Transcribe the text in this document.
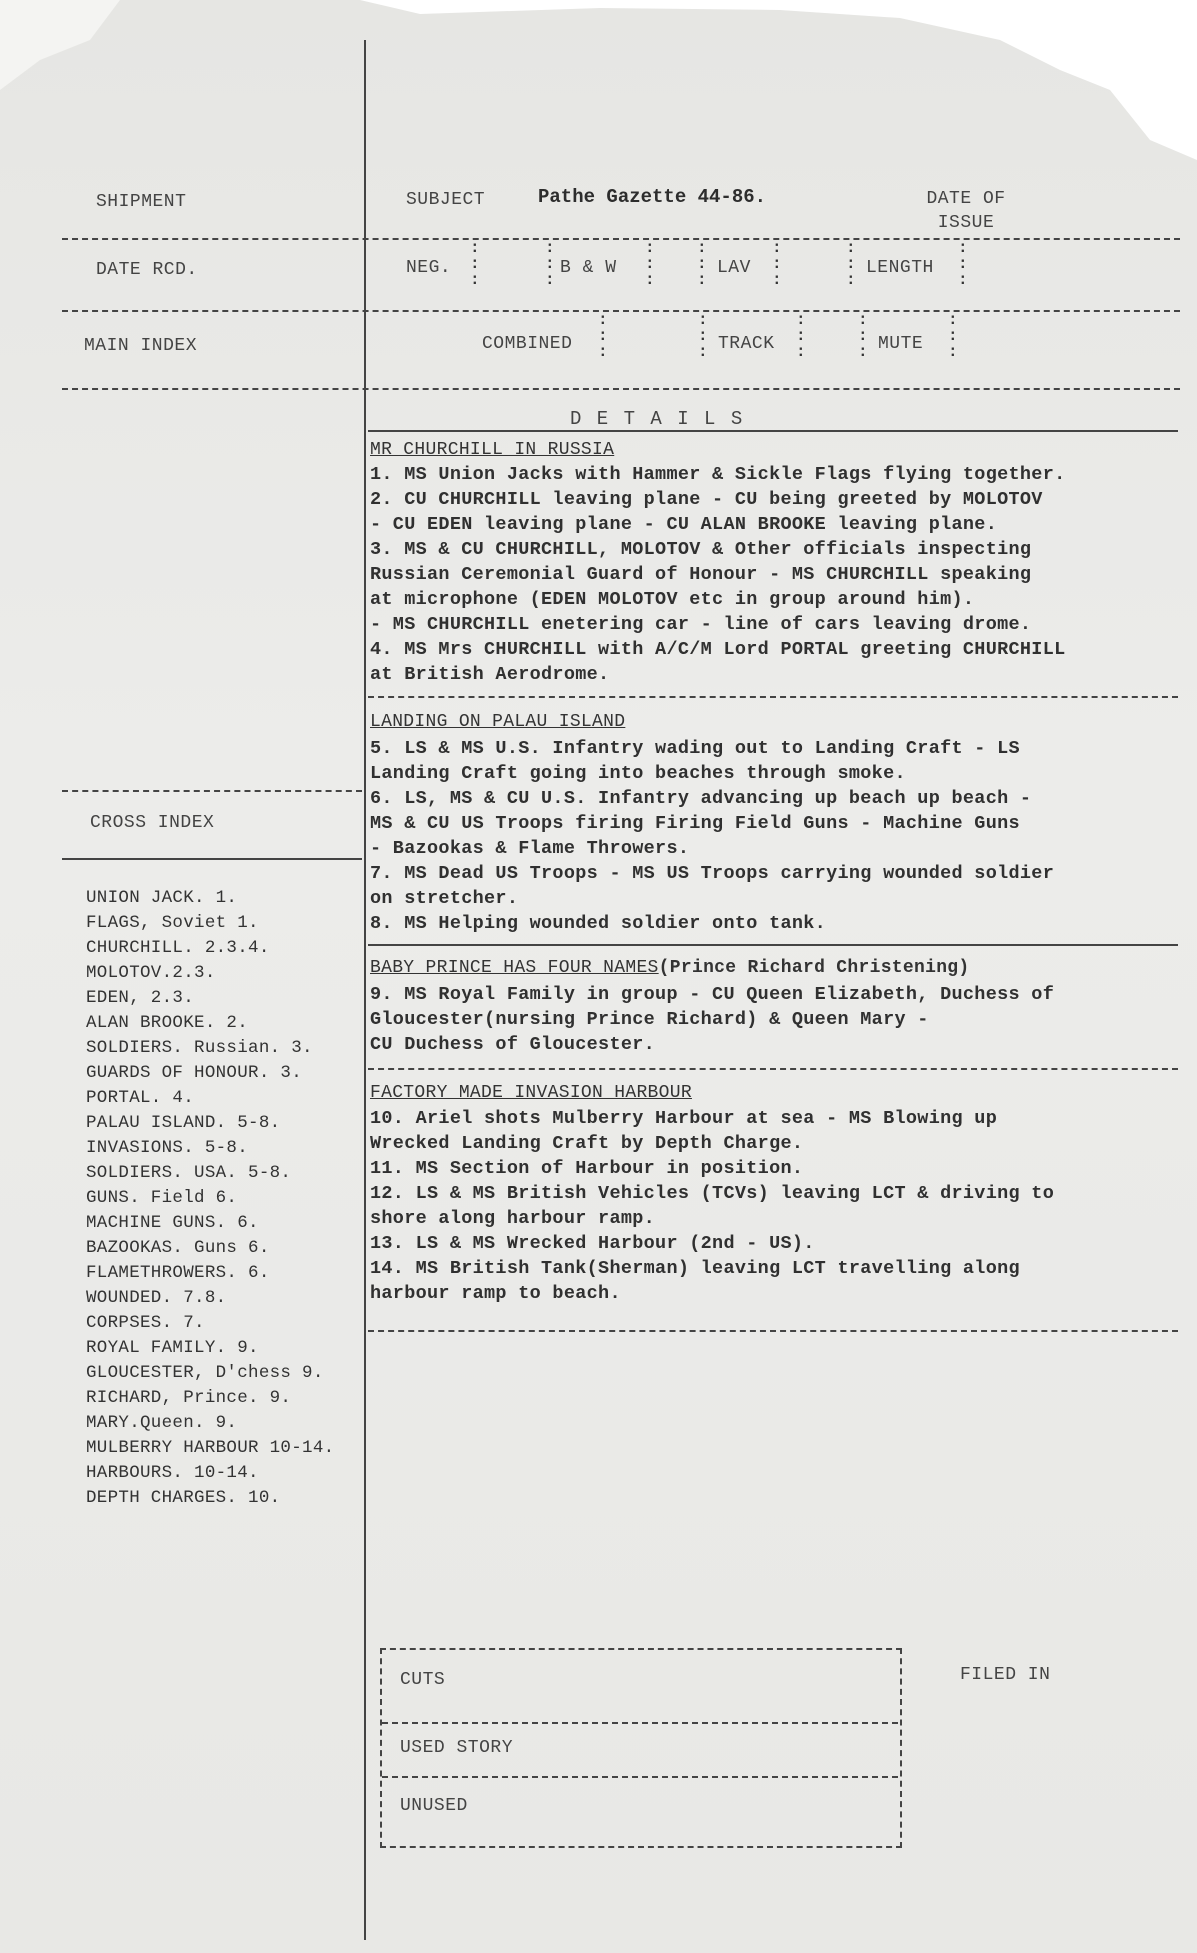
SHIPMENT	SUBJECT	Pathe Gazette 44-86.	DATE OF ISSUE
DATE RCD.	NEG.	B & W	LAV	LENGTH
:
:
:
:
:
:
:
:
:
:
:
:
:
:
:
:
:
:
:
:
:
MAIN INDEX	COMBINED	TRACK	MUTE
:
:
:
:
:
:
:
:
:
:
:
:
:
:
:
D E T A I L S
MR CHURCHILL IN RUSSIA
1. MS Union Jacks with Hammer & Sickle Flags flying together.
2. CU CHURCHILL leaving plane - CU being greeted by MOLOTOV
- CU EDEN leaving plane - CU ALAN BROOKE leaving plane.
3. MS & CU CHURCHILL, MOLOTOV & Other officials inspecting
Russian Ceremonial Guard of Honour - MS CHURCHILL speaking
at microphone (EDEN MOLOTOV etc in group around him).
- MS CHURCHILL enetering car - line of cars leaving drome.
4. MS Mrs CHURCHILL with A/C/M Lord PORTAL greeting CHURCHILL
at British Aerodrome.
LANDING ON PALAU ISLAND
5. LS & MS U.S. Infantry wading out to Landing Craft - LS
Landing Craft going into beaches through smoke.
6. LS, MS & CU U.S. Infantry advancing up beach up beach -
MS & CU US Troops firing Firing Field Guns - Machine Guns
- Bazookas & Flame Throwers.
7. MS Dead US Troops - MS US Troops carrying wounded soldier
on stretcher.
8. MS Helping wounded soldier onto tank.
BABY PRINCE HAS FOUR NAMES(Prince Richard Christening)
9. MS Royal Family in group - CU Queen Elizabeth, Duchess of
Gloucester(nursing Prince Richard) & Queen Mary -
CU Duchess of Gloucester.
FACTORY MADE INVASION HARBOUR
10. Ariel shots Mulberry Harbour at sea - MS Blowing up
Wrecked Landing Craft by Depth Charge.
11. MS Section of Harbour in position.
12. LS & MS British Vehicles (TCVs) leaving LCT & driving to
shore along harbour ramp.
13. LS & MS Wrecked Harbour (2nd - US).
14. MS British Tank(Sherman) leaving LCT travelling along
harbour ramp to beach.
CROSS INDEX
UNION JACK. 1.
FLAGS, Soviet 1.
CHURCHILL. 2.3.4.
MOLOTOV.2.3.
EDEN, 2.3.
ALAN BROOKE. 2.
SOLDIERS. Russian. 3.
GUARDS OF HONOUR. 3.
PORTAL. 4.
PALAU ISLAND. 5-8.
INVASIONS. 5-8.
SOLDIERS. USA. 5-8.
GUNS. Field 6.
MACHINE GUNS. 6.
BAZOOKAS. Guns 6.
FLAMETHROWERS. 6.
WOUNDED. 7.8.
CORPSES. 7.
ROYAL FAMILY. 9.
GLOUCESTER, D'chess 9.
RICHARD, Prince. 9.
MARY.Queen. 9.
MULBERRY HARBOUR 10-14.
HARBOURS. 10-14.
DEPTH CHARGES. 10.
CUTS	FILED IN
USED STORY
UNUSED
